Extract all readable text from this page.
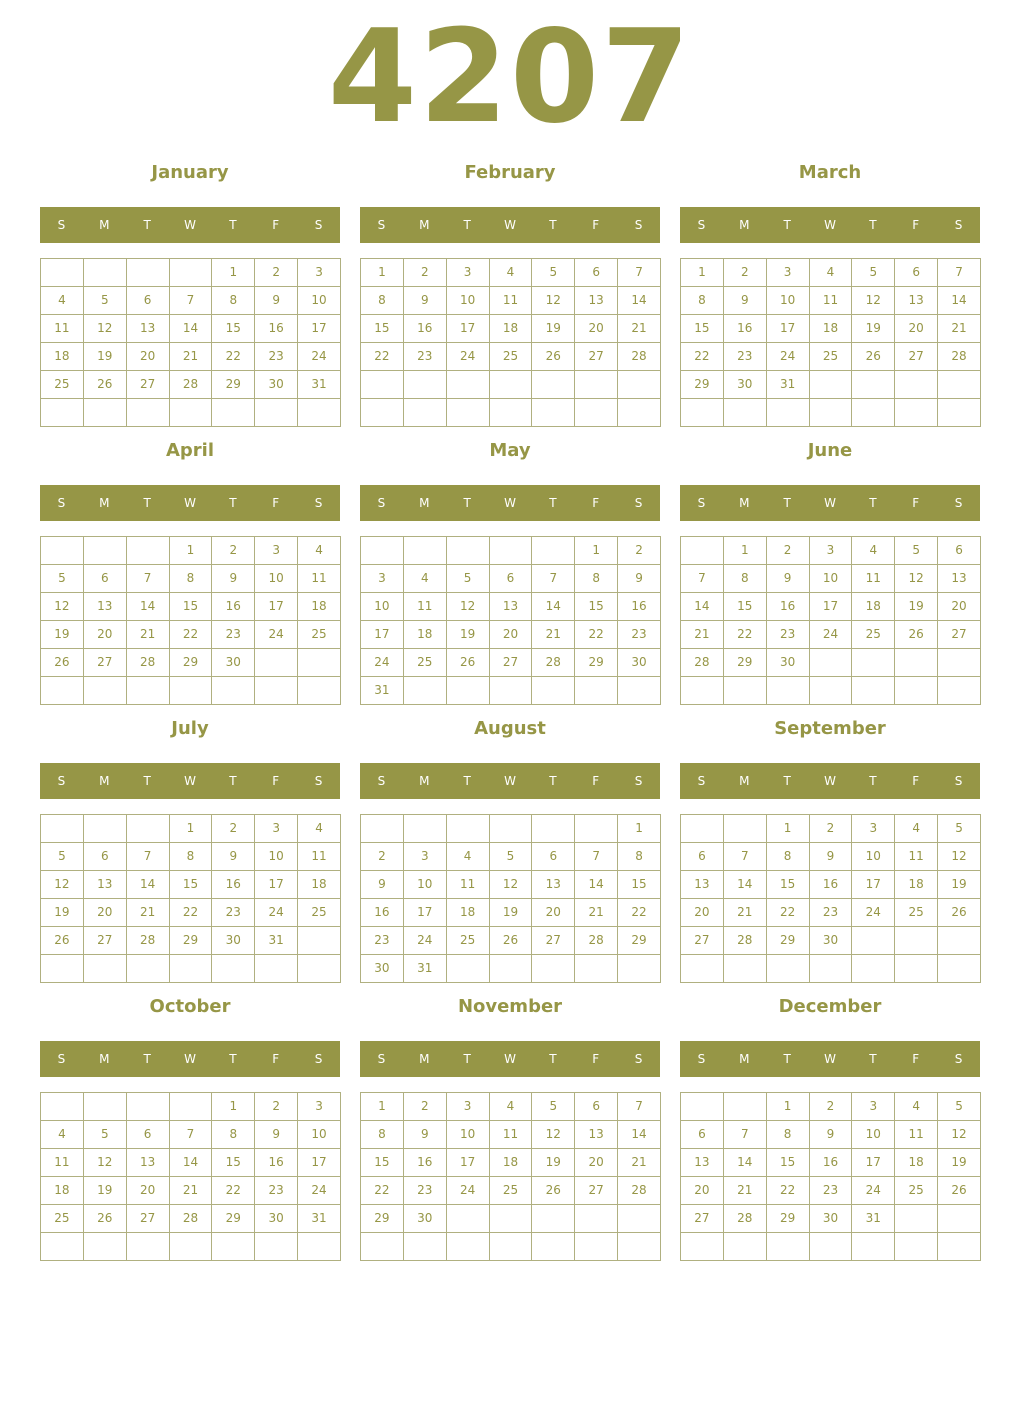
4207
January
S	M	T	W	T	F	S
				1	2	3
4	5	6	7	8	9	10
11	12	13	14	15	16	17
18	19	20	21	22	23	24
25	26	27	28	29	30	31

February
S	M	T	W	T	F	S
1	2	3	4	5	6	7
8	9	10	11	12	13	14
15	16	17	18	19	20	21
22	23	24	25	26	27	28

March
S	M	T	W	T	F	S
1	2	3	4	5	6	7
8	9	10	11	12	13	14
15	16	17	18	19	20	21
22	23	24	25	26	27	28
29	30	31				

April
S	M	T	W	T	F	S
			1	2	3	4
5	6	7	8	9	10	11
12	13	14	15	16	17	18
19	20	21	22	23	24	25
26	27	28	29	30		

May
S	M	T	W	T	F	S
					1	2
3	4	5	6	7	8	9
10	11	12	13	14	15	16
17	18	19	20	21	22	23
24	25	26	27	28	29	30
31						
June
S	M	T	W	T	F	S
	1	2	3	4	5	6
7	8	9	10	11	12	13
14	15	16	17	18	19	20
21	22	23	24	25	26	27
28	29	30				

July
S	M	T	W	T	F	S
			1	2	3	4
5	6	7	8	9	10	11
12	13	14	15	16	17	18
19	20	21	22	23	24	25
26	27	28	29	30	31	

August
S	M	T	W	T	F	S
						1
2	3	4	5	6	7	8
9	10	11	12	13	14	15
16	17	18	19	20	21	22
23	24	25	26	27	28	29
30	31					
September
S	M	T	W	T	F	S
		1	2	3	4	5
6	7	8	9	10	11	12
13	14	15	16	17	18	19
20	21	22	23	24	25	26
27	28	29	30			

October
S	M	T	W	T	F	S
				1	2	3
4	5	6	7	8	9	10
11	12	13	14	15	16	17
18	19	20	21	22	23	24
25	26	27	28	29	30	31

November
S	M	T	W	T	F	S
1	2	3	4	5	6	7
8	9	10	11	12	13	14
15	16	17	18	19	20	21
22	23	24	25	26	27	28
29	30					

December
S	M	T	W	T	F	S
		1	2	3	4	5
6	7	8	9	10	11	12
13	14	15	16	17	18	19
20	21	22	23	24	25	26
27	28	29	30	31		
